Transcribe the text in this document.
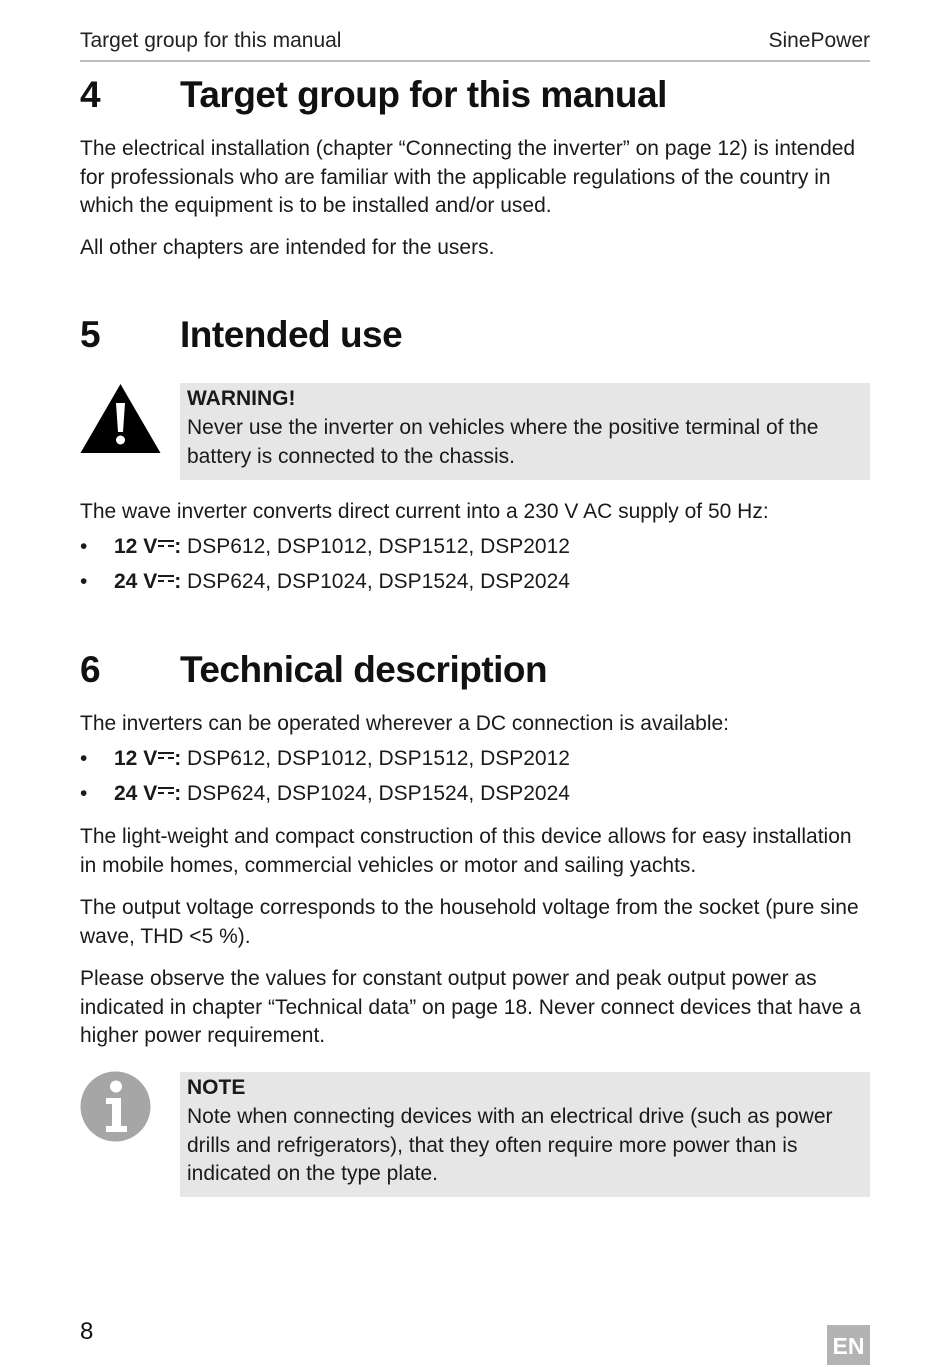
Target group for this manual	SinePower
4 Target group for this manual

The electrical installation (chapter “Connecting the inverter” on page 12) is intended for professionals who are familiar with the applicable regulations of the country in which the equipment is to be installed and/or used.

All other chapters are intended for the users.

5 Intended use
WARNING!

Never use the inverter on vehicles where the positive terminal of the battery is connected to the chassis.

The wave inverter converts direct current into a 230 V AC supply of 50 Hz:

• 12 V : DSP612, DSP1012, DSP1512, DSP2012
• 24 V : DSP624, DSP1024, DSP1524, DSP2024
6 Technical description

The inverters can be operated wherever a DC connection is available:

• 12 V : DSP612, DSP1012, DSP1512, DSP2012
• 24 V : DSP624, DSP1024, DSP1524, DSP2024

The light-weight and compact construction of this device allows for easy installation in mobile homes, commercial vehicles or motor and sailing yachts.

The output voltage corresponds to the household voltage from the socket (pure sine wave, THD <5 %).

Please observe the values for constant output power and peak output power as indicated in chapter “Technical data” on page 18. Never connect devices that have a higher power requirement.

NOTE

Note when connecting devices with an electrical drive (such as power drills and refrigerators), that they often require more power than is indicated on the type plate.

8
EN
